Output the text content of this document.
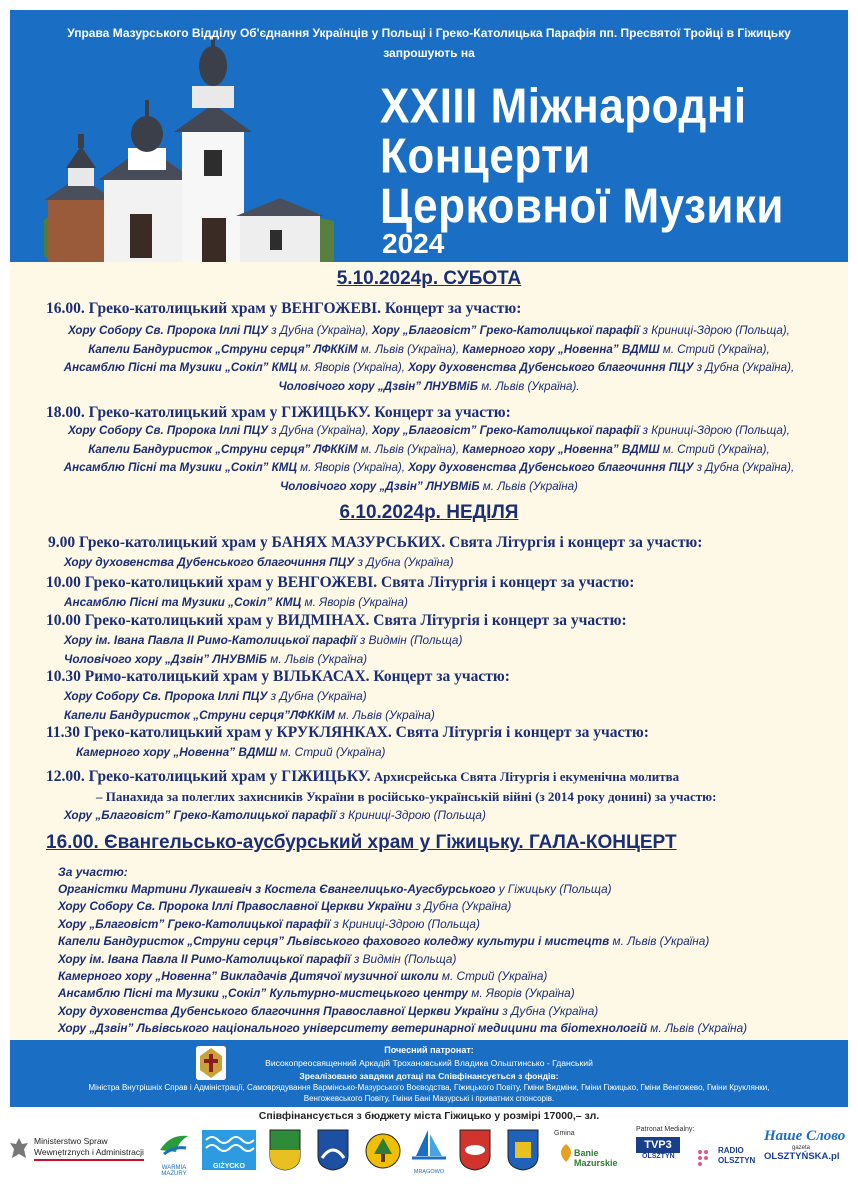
Управа Мазурського Відділу Об'єднання Українців у Польщі і Греко-Католицька Парафія пп. Пресвятої Тройці в Гіжицьку
запрошують на
XXIII Міжнародні
Концерти
Церковної Музики
2024
5.10.2024р. СУБОТА
16.00. Греко-католицький храм у ВЕНГОЖЕВІ. Концерт за участю:
Хору Собору Св. Пророка Іллі ПЦУ з Дубна (Україна), Хору „Благовіст” Греко-Католицької парафії з Криниці-Здрою (Польща),
Капели Бандуристок „Струни серця” ЛФККіМ м. Львів (Україна), Камерного хору „Новенна” ВДМШ м. Стрий (Україна),
Ансамблю Пісні та Музики „Сокіл” КМЦ м. Яворів (Україна), Хору духовенства Дубенського благочиння ПЦУ з Дубна (Україна),
Чоловічого хору „Дзвін” ЛНУВМіБ м. Львів (Україна).
18.00. Греко-католицький храм у ГІЖИЦЬКУ. Концерт за участю:
Хору Собору Св. Пророка Іллі ПЦУ з Дубна (Україна), Хору „Благовіст” Греко-Католицької парафії з Криниці-Здрою (Польща),
Капели Бандуристок „Струни серця” ЛФККіМ м. Львів (Україна), Камерного хору „Новенна” ВДМШ м. Стрий (Україна),
Ансамблю Пісні та Музики „Сокіл” КМЦ м. Яворів (Україна), Хору духовенства Дубенського благочиння ПЦУ з Дубна (Україна),
Чоловічого хору „Дзвін” ЛНУВМіБ м. Львів (Україна)
6.10.2024р. НЕДІЛЯ
9.00 Греко-католицький храм у БАНЯХ МАЗУРСЬКИХ. Свята Літургія і концерт за участю:
Хору духовенства Дубенського благочиння ПЦУ з Дубна (Україна)
10.00 Греко-католицький храм у ВЕНГОЖЕВІ. Свята Літургія і концерт за участю:
Ансамблю Пісні та Музики „Сокіл” КМЦ м. Яворів (Україна)
10.00 Греко-католицький храм у ВИДМІНАХ. Свята Літургія і концерт за участю:
Хору ім. Івана Павла ІІ Римо-Католицької парафії з Видмін (Польща)
Чоловічого хору „Дзвін” ЛНУВМіБ м. Львів (Україна)
10.30 Римо-католицький храм у ВІЛЬКАСАХ. Концерт за участю:
Хору Собору Св. Пророка Іллі ПЦУ з Дубна (Україна)
Капели Бандуристок „Струни серця”ЛФККіМ м. Львів (Україна)
11.30 Греко-католицький храм у КРУКЛЯНКАХ. Свята Літургія і концерт за участю:
Камерного хору „Новенна” ВДМШ м. Стрий (Україна)
12.00. Греко-католицький храм у ГІЖИЦЬКУ. Архисрейська Свята Літургія і екуменічна молитва
– Панахида за полеглих захисників України в російсько-українській війні (з 2014 року донині) за участю:
Хору „Благовіст” Греко-Католицької парафії з Криниці-Здрою (Польща)
16.00. Євангельсько-аусбурський храм у Гіжицьку. ГАЛА-КОНЦЕРТ
За участю:
Органістки Мартини Лукашевіч з Костела Євангелицько-Аугсбурського у Гіжицьку (Польща)
Хору Собору Св. Пророка Іллі Православної Церкви України з Дубна (Україна)
Хору „Благовіст” Греко-Католицької парафії з Криниці-Здрою (Польща)
Капели Бандуристок „Струни серця” Львівського фахового коледжу культури і мистецтв м. Львів (Україна)
Хору ім. Івана Павла ІІ Римо-Католицької парафії з Видмін (Польща)
Камерного хору „Новенна” Викладачів Дитячої музичної школи м. Стрий (Україна)
Ансамблю Пісні та Музики „Сокіл” Культурно-мистецького центру м. Яворів (Україна)
Хору духовенства Дубенського благочиння Православної Церкви України з Дубна (Україна)
Хору „Дзвін” Львівського національного університету ветеринарної медицини та біотехнологій м. Львів (Україна)
Почесний патронат:
Високопреосвященний Аркадій Трохановський Владика Ольштинсько - Гданський
Зреалізовано завдяки дотаці па Співфінансується з фондів:
Міністра Внутрішніх Справ і Адміністрації, Самоврядування Вармінсько-Мазурського Воєводства, Гіжицького Повіту, Гміни Видміни, Гміни Гіжицько, Гміни Венгожево, Гміни Круклянки,
Венгожевського Повіту, Гміни Бані Мазурські і приватних спонсорів.
Співфінансується з бюджету міста Гіжицько у розмірі 17000,– зл.
Ministerstwo Spraw
Wewnętrznych i Administracji
WARMIA MAZURY
GIŻYCKO
MRĄGOWO
Gmina
Banie Mazurskie
Patronat Medialny:
TVP3
OLSZTYN
RADIO
OLSZTYN
Наше Слово
gazeta
OLSZTYŃSKA.pl
